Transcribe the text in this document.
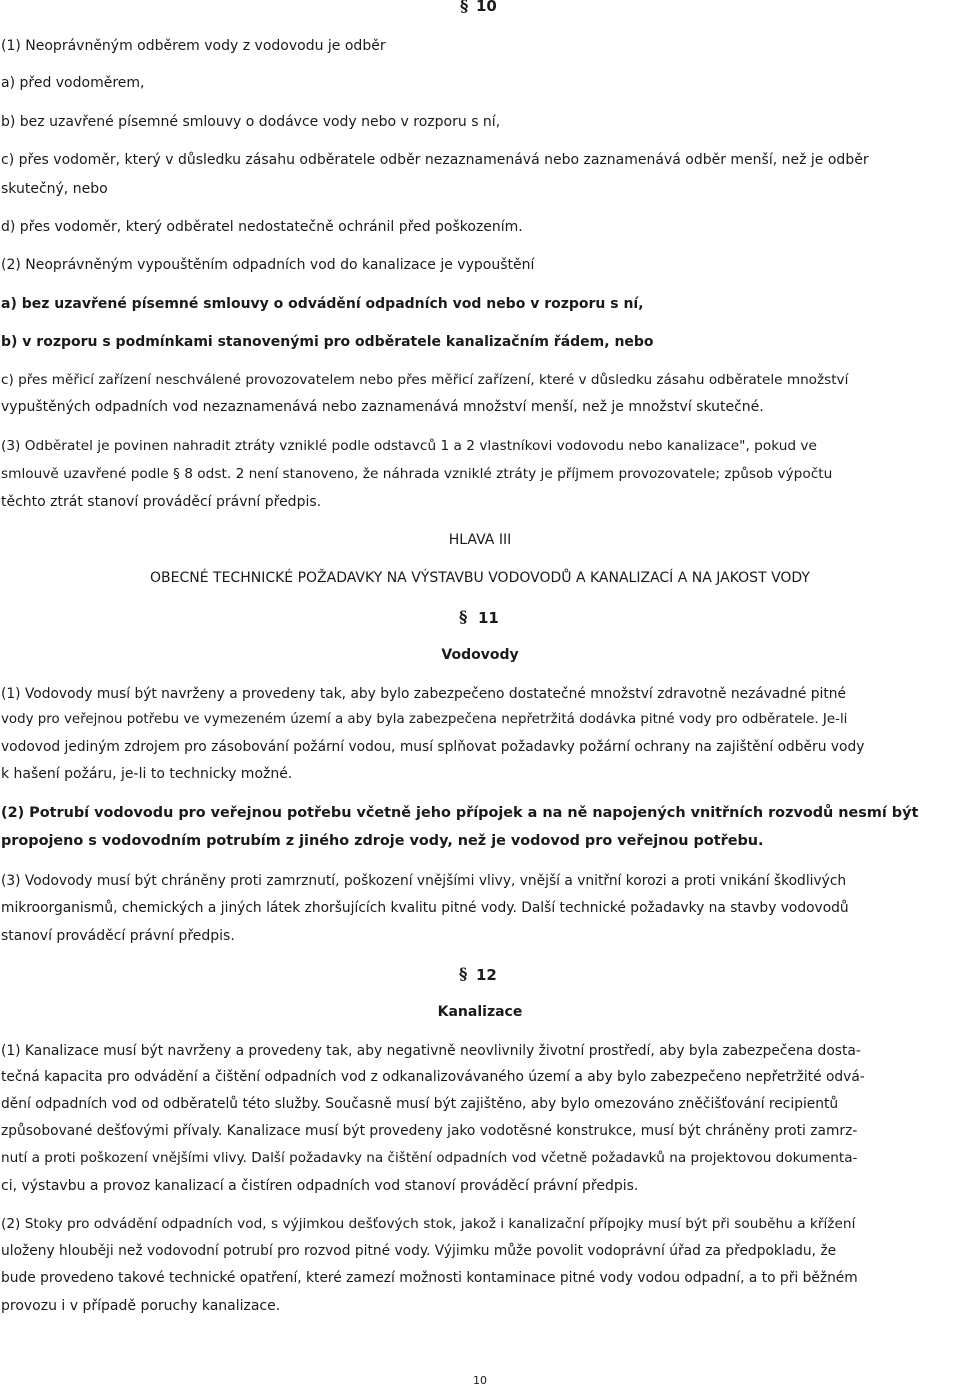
§ 10
(1) Neoprávněným odběrem vody z vodovodu je odběr
a) před vodoměrem,
b) bez uzavřené písemné smlouvy o dodávce vody nebo v rozporu s ní,
c) přes vodoměr, který v důsledku zásahu odběratele odběr nezaznamenává nebo zaznamenává odběr menší, než je odběr
skutečný, nebo
d) přes vodoměr, který odběratel nedostatečně ochránil před poškozením.
(2) Neoprávněným vypouštěním odpadních vod do kanalizace je vypouštění
a) bez uzavřené písemné smlouvy o odvádění odpadních vod nebo v rozporu s ní,
b) v rozporu s podmínkami stanovenými pro odběratele kanalizačním řádem, nebo
c) přes měřicí zařízení neschválené provozovatelem nebo přes měřicí zařízení, které v důsledku zásahu odběratele množství
vypuštěných odpadních vod nezaznamenává nebo zaznamenává množství menší, než je množství skutečné.
(3) Odběratel je povinen nahradit ztráty vzniklé podle odstavců 1 a 2 vlastníkovi vodovodu nebo kanalizace", pokud ve
smlouvě uzavřené podle § 8 odst. 2 není stanoveno, že náhrada vzniklé ztráty je příjmem provozovatele; způsob výpočtu
těchto ztrát stanoví prováděcí právní předpis.
HLAVA III
OBECNÉ TECHNICKÉ POŽADAVKY NA VÝSTAVBU VODOVODŮ A KANALIZACÍ A NA JAKOST VODY
§ 11
Vodovody
(1) Vodovody musí být navrženy a provedeny tak, aby bylo zabezpečeno dostatečné množství zdravotně nezávadné pitné
vody pro veřejnou potřebu ve vymezeném území a aby byla zabezpečena nepřetržitá dodávka pitné vody pro odběratele. Je-li
vodovod jediným zdrojem pro zásobování požární vodou, musí splňovat požadavky požární ochrany na zajištění odběru vody
k hašení požáru, je-li to technicky možné.
(2) Potrubí vodovodu pro veřejnou potřebu včetně jeho přípojek a na ně napojených vnitřních rozvodů nesmí být
propojeno s vodovodním potrubím z jiného zdroje vody, než je vodovod pro veřejnou potřebu.
(3) Vodovody musí být chráněny proti zamrznutí, poškození vnějšími vlivy, vnější a vnitřní korozi a proti vnikání škodlivých
mikroorganismů, chemických a jiných látek zhoršujících kvalitu pitné vody. Další technické požadavky na stavby vodovodů
stanoví prováděcí právní předpis.
§ 12
Kanalizace
(1) Kanalizace musí být navrženy a provedeny tak, aby negativně neovlivnily životní prostředí, aby byla zabezpečena dosta-
tečná kapacita pro odvádění a čištění odpadních vod z odkanalizovávaného území a aby bylo zabezpečeno nepřetržité odvá-
dění odpadních vod od odběratelů této služby. Současně musí být zajištěno, aby bylo omezováno zněčišťování recipientů
způsobované dešťovými přívaly. Kanalizace musí být provedeny jako vodotěsné konstrukce, musí být chráněny proti zamrz-
nutí a proti poškození vnějšími vlivy. Další požadavky na čištění odpadních vod včetně požadavků na projektovou dokumenta-
ci, výstavbu a provoz kanalizací a čistíren odpadních vod stanoví prováděcí právní předpis.
(2) Stoky pro odvádění odpadních vod, s výjimkou dešťových stok, jakož i kanalizační přípojky musí být při souběhu a křížení
uloženy hlouběji než vodovodní potrubí pro rozvod pitné vody. Výjimku může povolit vodoprávní úřad za předpokladu, že
bude provedeno takové technické opatření, které zamezí možnosti kontaminace pitné vody vodou odpadní, a to při běžném
provozu i v případě poruchy kanalizace.
10
